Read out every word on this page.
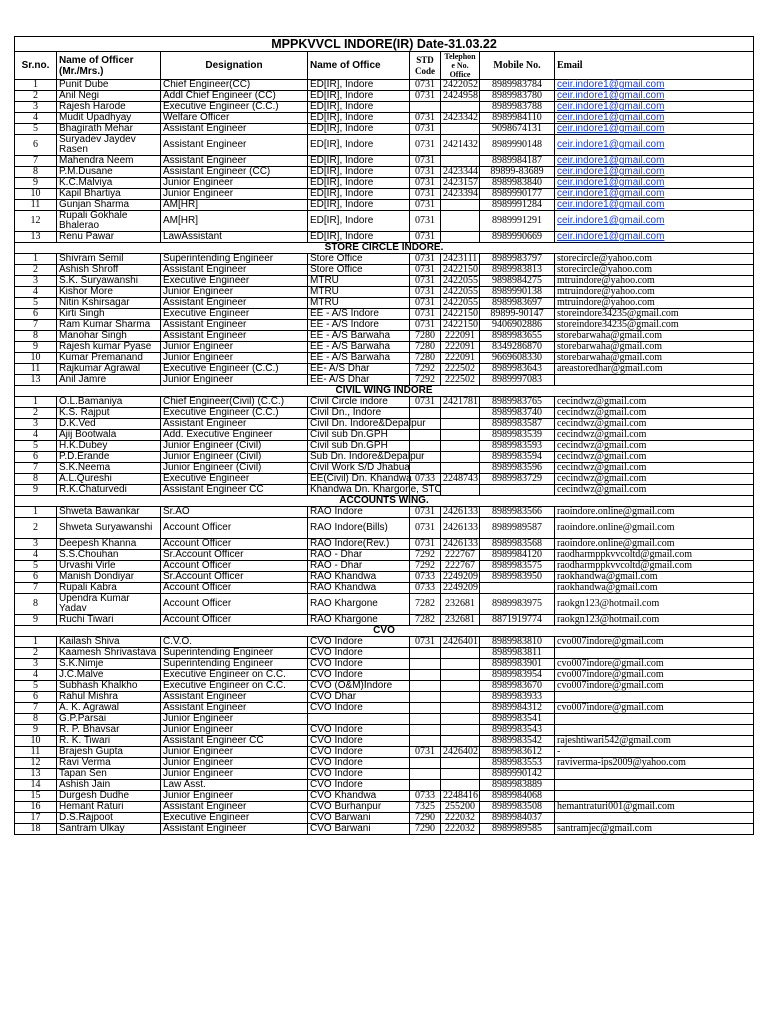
MPPKVVCL INDORE(IR) Date-31.03.22							
Sr.no.	Name of Officer (Mr./Mrs.)	Designation	Name of Office	STD Code	Telephon e No. Office	Mobile No.	Email
1	Punit Dube	Chief Engineer(CC)	ED[IR], Indore	0731	2422052	8989983784	ceir.indore1@gmail.com
2	Anil Negi	Addl Chief Engineer (CC)	ED[IR], Indore	0731	2424958	8989983780	ceir.indore1@gmail.com
3	Rajesh Harode	Executive Engineer (C.C.)	ED[IR], Indore			8989983788	ceir.indore1@gmail.com
4	Mudit Upadhyay	Welfare Officer	ED[IR], Indore	0731	2423342	8989984110	ceir.indore1@gmail.com
5	Bhagirath Mehar	Assistant Engineer	ED[IR], Indore	0731		9098674131	ceir.indore1@gmail.com
6	Suryadev Jaydev Rasen	Assistant Engineer	ED[IR], Indore	0731	2421432	8989990148	ceir.indore1@gmail.com
7	Mahendra Neem	Assistant Engineer	ED[IR], Indore	0731		8989984187	ceir.indore1@gmail.com
8	P.M.Dusane	Assistant Engineer (CC)	ED[IR], Indore	0731	2423344	89899-83689	ceir.indore1@gmail.com
9	K.C.Malviya	Junior Engineer	ED[IR], Indore	0731	2423157	8989983840	ceir.indore1@gmail.com
10	Kapil Bhartiya	Junior Engineer	ED[IR], Indore	0731	2423394	8989990177	ceir.indore1@gmail.com
11	Gunjan Sharma	AM[HR]	ED[IR], Indore	0731		8989991284	ceir.indore1@gmail.com
12	Rupali Gokhale Bhalerao	AM[HR]	ED[IR], Indore	0731		8989991291	ceir.indore1@gmail.com
13	Renu Pawar	LawAssistant	ED[IR], Indore	0731		8989990669	ceir.indore1@gmail.com
STORE CIRCLE INDORE.							
1	Shivram Semil	Superintending Engineer	Store Office	0731	2423111	8989983797	storecircle@yahoo.com
2	Ashish Shroff	Assistant Engineer	Store Office	0731	2422150	8989983813	storecircle@yahoo.com
3	S.K. Suryawanshi	Executive Engineer	MTRU	0731	2422055	9898984275	mtruindore@yahoo.com
4	Kishor More	Junior Engineer	MTRU	0731	2422055	8989990138	mtruindore@yahoo.com
5	Nitin Kshirsagar	Assistant Engineer	MTRU	0731	2422055	8989983697	mtruindore@yahoo.com
6	Kirti Singh	Executive Engineer	EE - A/S Indore	0731	2422150	89899-90147	storeindore34235@gmail.com
7	Ram Kumar Sharma	Assistant Engineer	EE - A/S Indore	0731	2422150	9406902886	storeindore34235@gmail.com
8	Manohar Singh	Assistant Engineer	EE - A/S Barwaha	7280	222091	8989983655	storebarwaha@gmail.com
9	Rajesh kumar Pyase	Junior Engineer	EE - A/S Barwaha	7280	222091	8349286870	storebarwaha@gmail.com
10	Kumar Premanand	Junior Engineer	EE - A/S Barwaha	7280	222091	9669608330	storebarwaha@gmail.com
11	Rajkumar Agrawal	Executive Engineer (C.C.)	EE- A/S Dhar	7292	222502	8989983643	areastoredhar@gmail.com
13	Anil Jamre	Junior Engineer	EE- A/S Dhar	7292	222502	8989997083	
CIVIL WING INDORE							
1	O.L.Bamaniya	Chief Engineer(Civil) (C.C.)	Civil Circle indore	0731	2421781	8989983765	cecindwz@gmail.com
2	K.S. Rajput	Executive Engineer (C.C.)	Civil Dn., Indore			8989983740	cecindwz@gmail.com
3	D.K.Ved	Assistant Engineer	Civil Dn. Indore&Depalpur			8989983587	cecindwz@gmail.com
4	Ajij Bootwala	Add. Executive Engineer	Civil sub Dn.GPH			8989983539	cecindwz@gmail.com
5	H.K.Dubey	Junior Engineer (Civil)	Civil sub Dn.GPH			8989983593	cecindwz@gmail.com
6	P.D.Erande	Junior Engineer (Civil)	Sub Dn. Indore&Depalpur			8989983594	cecindwz@gmail.com
7	S.K.Neema	Junior Engineer (Civil)	Civil Work S/D Jhabua			8989983596	cecindwz@gmail.com
8	A.L.Qureshi	Executive Engineer	EE(Civil) Dn. Khandwa	0733	2248743	8989983729	cecindwz@gmail.com
9	R.K.Chaturvedi	Assistant Engineer CC	Khandwa Dn. Khargone, STC				cecindwz@gmail.com
ACCOUNTS WING.							
1	Shweta Bawankar	Sr.AO	RAO Indore	0731	2426133	8989983566	raoindore.online@gmail.com
2	Shweta Suryawanshi	Account Officer	RAO Indore(Bills)	0731	2426133	8989989587	raoindore.online@gmail.com
3	Deepesh Khanna	Account Officer	RAO Indore(Rev.)	0731	2426133	8989983568	raoindore.online@gmail.com
4	S.S.Chouhan	Sr.Account Officer	RAO - Dhar	7292	222767	8989984120	raodharmppkvvcoltd@gmail.com
5	Urvashi Virle	Account Officer	RAO - Dhar	7292	222767	8989983575	raodharmppkvvcoltd@gmail.com
6	Manish Dondiyar	Sr.Account Officer	RAO Khandwa	0733	2249209	8989983950	raokhandwa@gmail.com
7	Rupali Kabra	Account Officer	RAO Khandwa	0733	2249209		raokhandwa@gmail.com
8	Upendra Kumar Yadav	Account Officer	RAO Khargone	7282	232681	8989983975	raokgn123@hotmail.com
9	Ruchi Tiwari	Account Officer	RAO Khargone	7282	232681	8871919774	raokgn123@hotmail.com
CVO							
1	Kailash Shiva	C.V.O.	CVO Indore	0731	2426401	8989983810	cvo007indore@gmail.com
2	Kaamesh Shrivastava	Superintending Engineer	CVO Indore			8989983811	
3	S.K.Nimje	Superintending Engineer	CVO Indore			8989983901	cvo007indore@gmail.com
4	J.C.Malve	Executive Engineer on C.C.	CVO Indore			8989983954	cvo007indore@gmail.com
5	Subhash Khalkho	Executive Engineer on C.C.	CVO (O&M)Indore			8989983670	cvo007indore@gmail.com
6	Rahul Mishra	Assistant Engineer	CVO Dhar			8989983933	
7	A. K. Agrawal	Assistant Engineer	CVO Indore			8989984312	cvo007indore@gmail.com
8	G.P.Parsai	Junior Engineer				8989983541	
9	R. P. Bhavsar	Junior Engineer	CVO Indore			8989983543	
10	R. K. Tiwari	Assistant Engineer CC	CVO Indore			8989983542	rajeshtiwari542@gmail.com
11	Brajesh Gupta	Junior Engineer	CVO Indore	0731	2426402	8989983612	-
12	Ravi Verma	Junior Engineer	CVO Indore			8989983553	raviverma-ips2009@yahoo.com
13	Tapan Sen	Junior Engineer	CVO Indore			8989990142	
14	Ashish Jain	Law Asst.	CVO Indore			8989983889	
15	Durgesh Dudhe	Junior Engineer	CVO Khandwa	0733	2248416	8989984068	
16	Hemant Raturi	Assistant Engineer	CVO Burhanpur	7325	255200	8989983508	hemantraturi001@gmail.com
17	D.S.Rajpoot	Executive Engineer	CVO Barwani	7290	222032	8989984037	
18	Santram Ulkay	Assistant Engineer	CVO Barwani	7290	222032	8989989585	santramjec@gmail.com
